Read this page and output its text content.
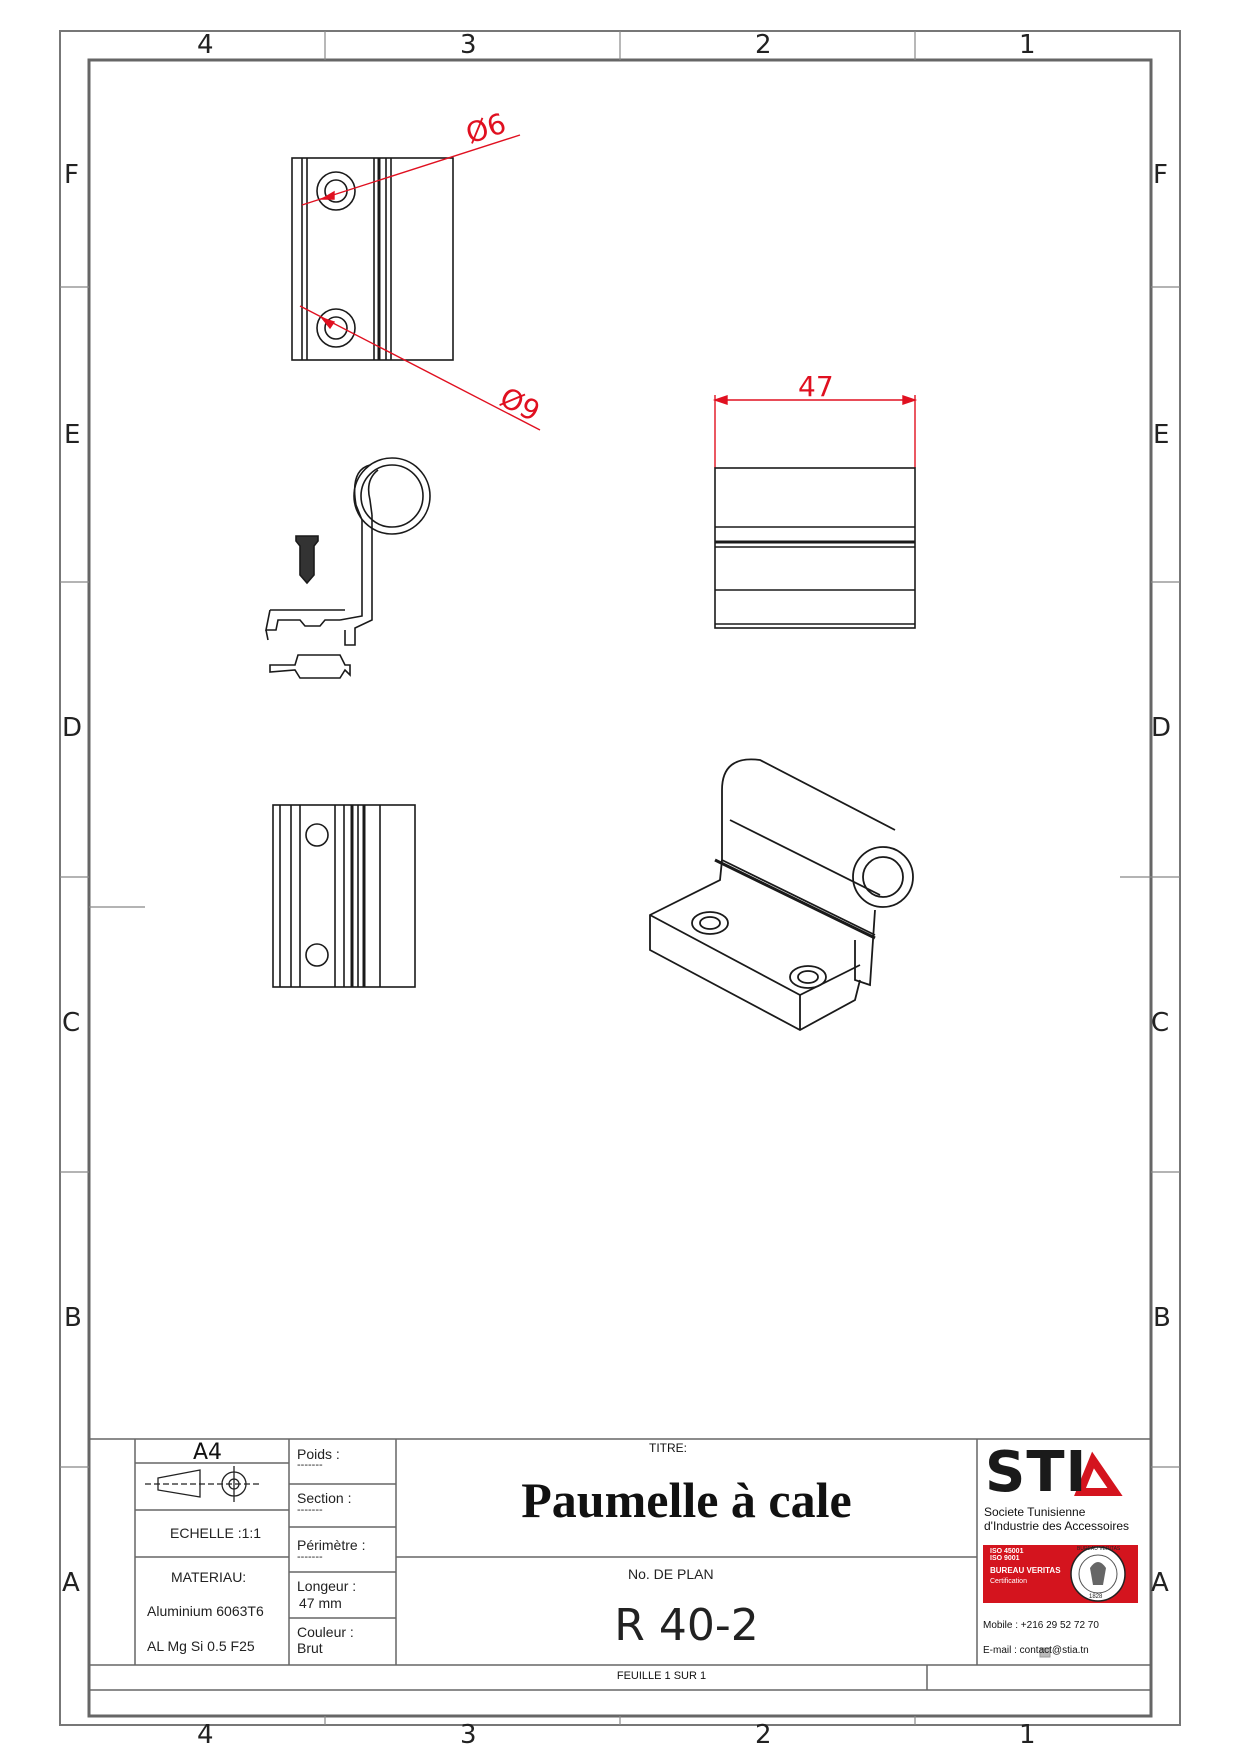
4	3	2	1
4	3	2	1
F
E
D
C
B
A
F
E
D
C
B
A
Ø6
Ø9	47
A4
ECHELLE :1:1
MATERIAU:
Aluminium 6063T6
AL Mg Si 0.5 F25
Poids :
-------
Section :
-------
Périmètre :
-------
Longeur :
47 mm
Couleur :
Brut
TITRE:
Paumelle à cale
No. DE PLAN
R 40-2
FEUILLE 1 SUR 1
STI
Societe Tunisienne
d'Industrie des Accessoires
ISO 45001
ISO 9001
BUREAU VERITAS
Certification
BUREAU VERITAS
1828
Mobile : +216 29 52 72 70
E-mail : contact@stia.tn
